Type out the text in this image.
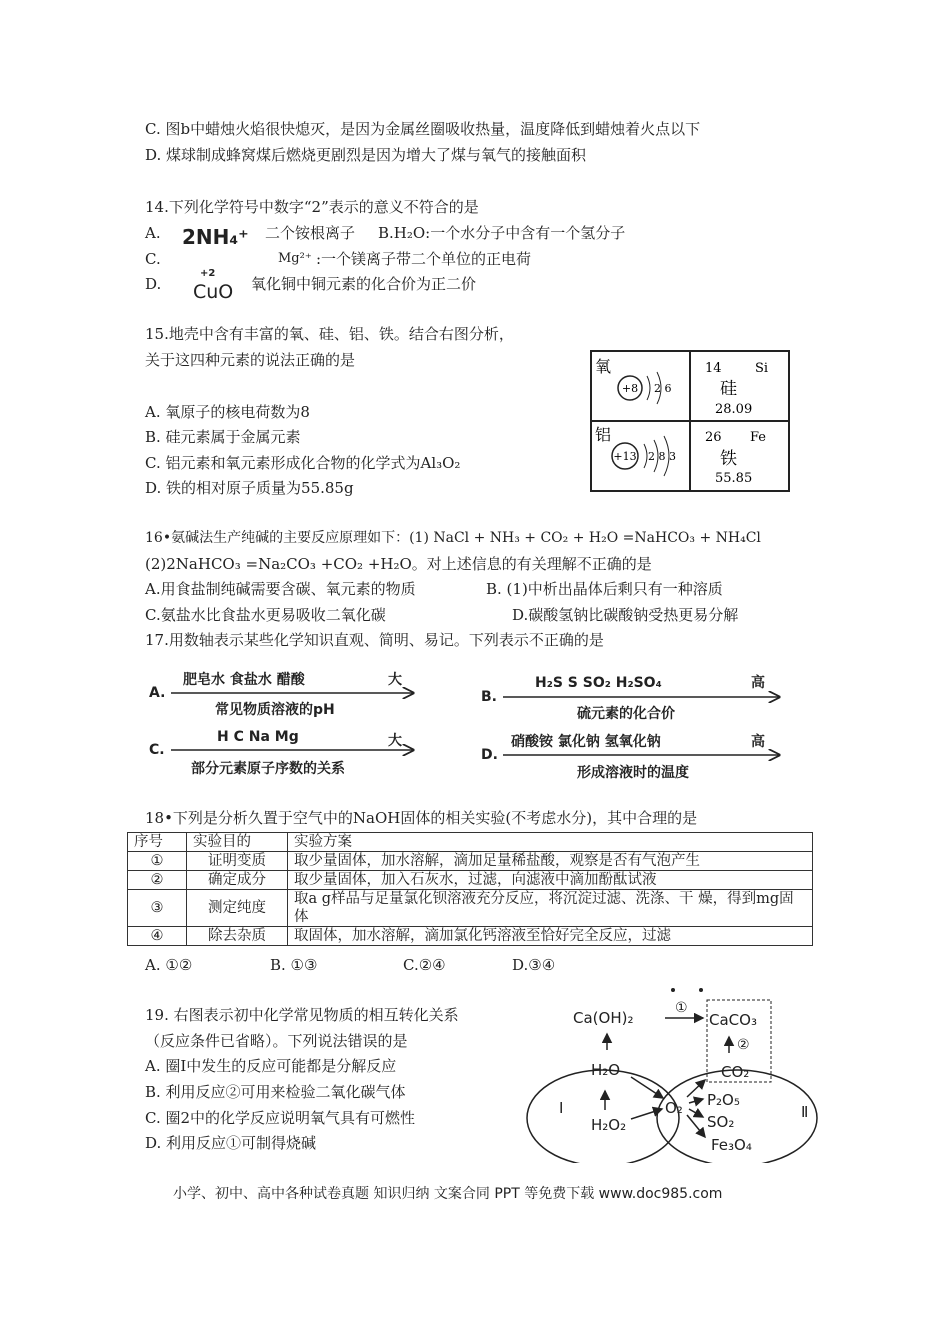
C. 图b中蜡烛火焰很快熄灭，是因为金属丝圈吸收热量，温度降低到蜡烛着火点以下
D. 煤球制成蜂窝煤后燃烧更剧烈是因为增大了煤与氧气的接触面积
14.下列化学符号中数字“2”表示的意义不符合的是
A. 2NH₄⁺ 二个铵根离子 B.H₂O:一个水分子中含有一个氢分子
C.	Mg²⁺ :一个镁离子带二个单位的正电荷
D.
+2
CuO 氧化铜中铜元素的化合价为正二价
15.地壳中含有丰富的氧、硅、铝、铁。结合右图分析，
关于这四种元素的说法正确的是
A. 氧原子的核电荷数为8
B. 硅元素属于金属元素
C. 铝元素和氧元素形成化合物的化学式为Al₃O₂
D. 铁的相对原子质量为55.85g
氧
+8 2 6
14	Si
硅
28.09
铝
+13 2 8 3
26 Fe
铁
55.85
16•氨碱法生产纯碱的主要反应原理如下：(1) NaCl + NH₃ + CO₂ + H₂O =NaHCO₃ + NH₄Cl
(2)2NaHCO₃ =Na₂CO₃ +CO₂ +H₂O。对上述信息的有关理解不正确的是
A.用食盐制纯碱需要含碳、氧元素的物质	B. (1)中析出晶体后剩只有一种溶质
C.氨盐水比食盐水更易吸收二氧化碳	D.碳酸氢钠比碳酸钠受热更易分解
17.用数轴表示某些化学知识直观、简明、易记。下列表示不正确的是
A.
肥皂水 食盐水 醋酸	大
常见物质溶液的pH
B.
H₂S S SO₂ H₂SO₄	高
硫元素的化合价
C.
H C Na Mg	大
部分元素原子序数的关系
D.
硝酸铵 氯化钠 氢氧化钠	高
形成溶液时的温度
18•下列是分析久置于空气中的NaOH固体的相关实验(不考虑水分)，其中合理的是
序号	实验目的	实验方案
①	证明变质	取少量固体，加水溶解，滴加足量稀盐酸，观察是否有气泡产生
②	确定成分	取少量固体，加入石灰水，过滤，向滤液中滴加酚酞试液
③	测定纯度	取a g样品与足量氯化钡溶液充分反应，将沉淀过滤、洗涤、干 燥，得到mg固体
④	除去杂质	取固体，加水溶解，滴加氯化钙溶液至恰好完全反应，过滤
A. ①②	B. ①③	C.②④	D.③④
19. 右图表示初中化学常见物质的相互转化关系
（反应条件已省略）。下列说法错误的是
A. 圈Ⅰ中发生的反应可能都是分解反应
B. 利用反应②可用来检验二氧化碳气体
C. 圈2中的化学反应说明氧气具有可燃性
D. 利用反应①可制得烧碱
Ca(OH)₂
①
CaCO₃
②
Ⅰ	Ⅱ
H₂O
H₂O₂
O₂
CO₂
P₂O₅
SO₂
Fe₃O₄
小学、初中、高中各种试卷真题 知识归纳 文案合同 PPT 等免费下载 www.doc985.com
